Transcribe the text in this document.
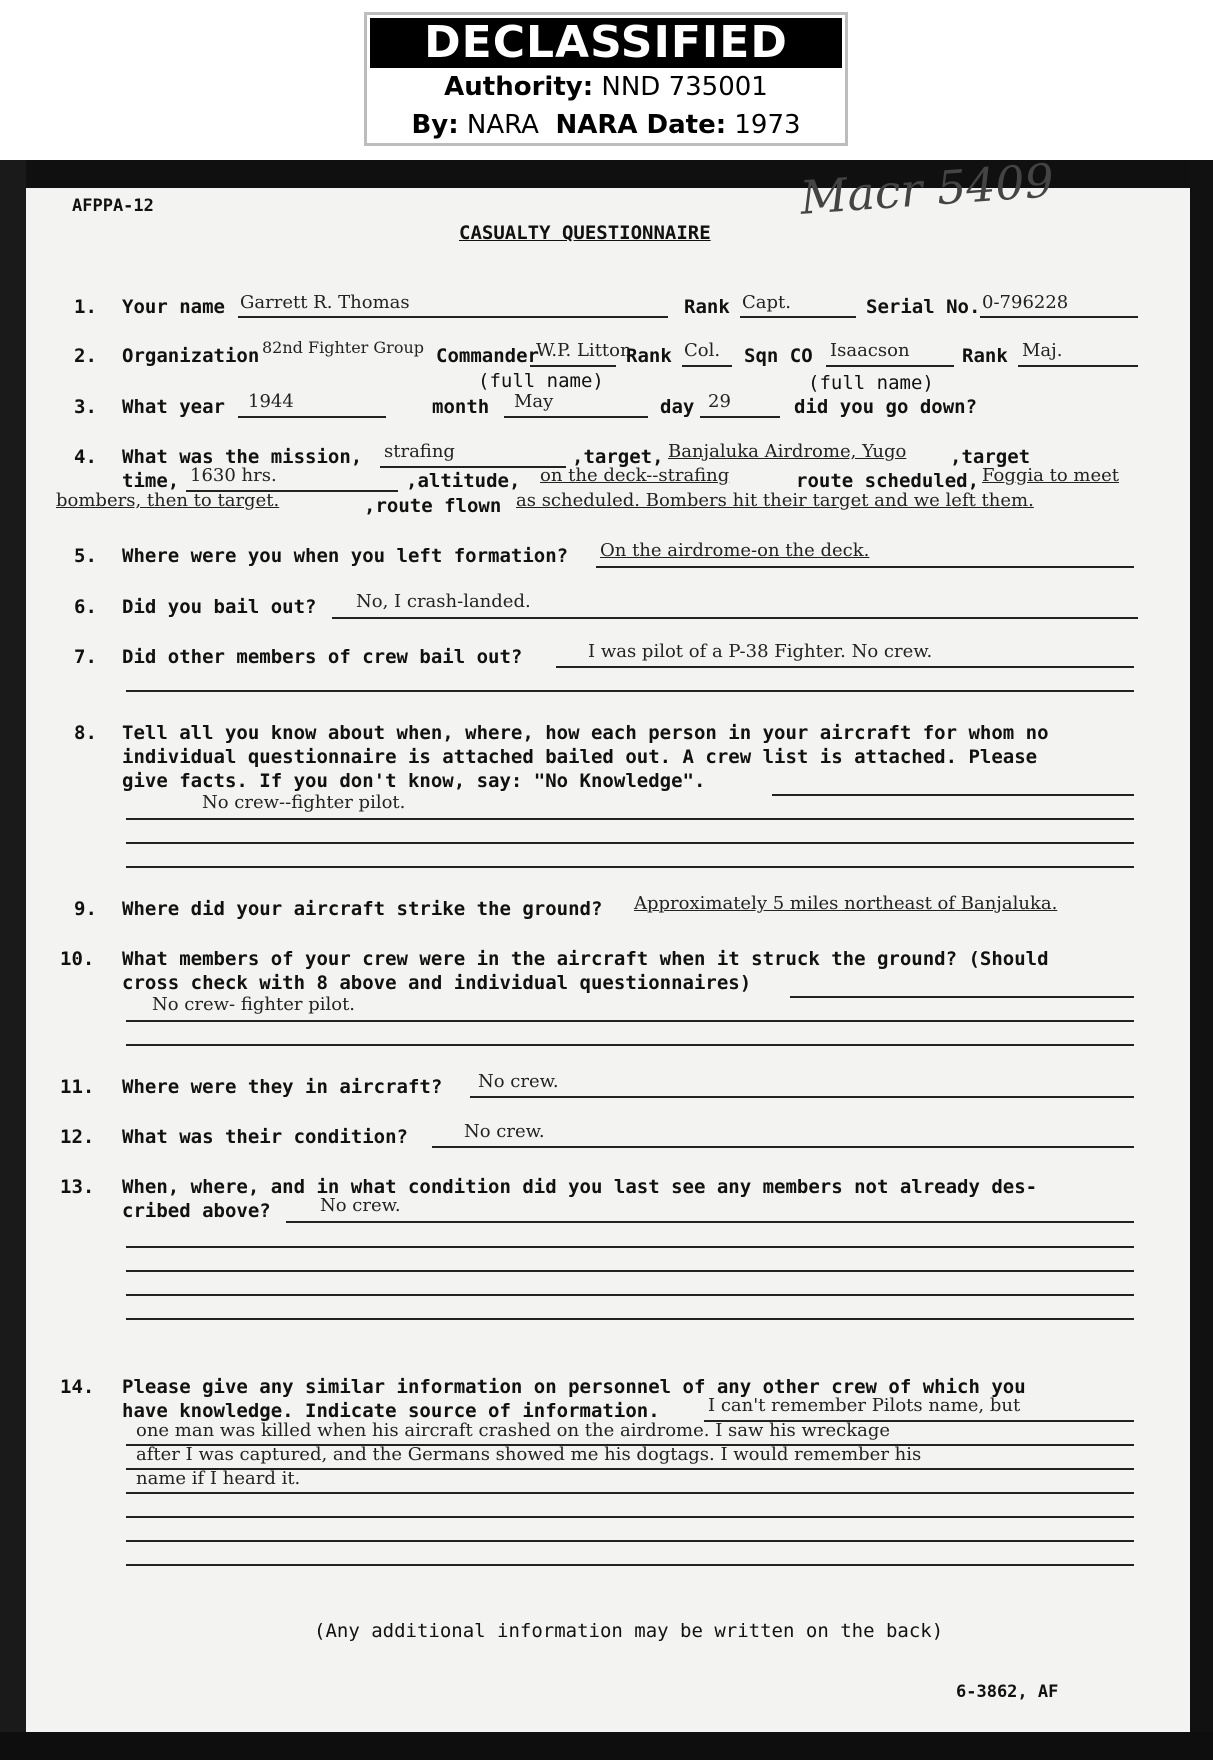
DECLASSIFIED
Authority: NND 735001
By: NARA NARA Date: 1973
Macr 5409
AFPPA-12
CASUALTY QUESTIONNAIRE
1. Your name Garrett R. Thomas	Rank Capt.	Serial No. 0-796228
2. Organization 82nd Fighter Group Commander
W.P. Litton
Rank Col. Sqn CO Isaacson	Rank Maj.
(full name)	(full name)
3. What year 1944	month May	day 29	did you go down?
4. What was the mission, strafing	,target, Banjaluka Airdrome, Yugo ,target
time, 1630 hrs.	,altitude, on the deck--strafing	route scheduled, Foggia to meet
bombers, then to target.	,route flown as scheduled. Bombers hit their target and we left them.
5. Where were you when you left formation? On the airdrome-on the deck.
6. Did you bail out? No, I crash-landed.
7. Did other members of crew bail out?	I was pilot of a P-38 Fighter. No crew.
8. Tell all you know about when, where, how each person in your aircraft for whom no
individual questionnaire is attached bailed out. A crew list is attached. Please
give facts. If you don't know, say: "No Knowledge".
No crew--fighter pilot.
9. Where did your aircraft strike the ground? Approximately 5 miles northeast of Banjaluka.
10. What members of your crew were in the aircraft when it struck the ground? (Should
cross check with 8 above and individual questionnaires)
No crew- fighter pilot.
11. Where were they in aircraft? No crew.
12. What was their condition?	No crew.
13. When, where, and in what condition did you last see any members not already des-
cribed above?	No crew.
14. Please give any similar information on personnel of any other crew of which you
have knowledge. Indicate source of information.	I can't remember Pilots name, but
one man was killed when his aircraft crashed on the airdrome. I saw his wreckage
after I was captured, and the Germans showed me his dogtags. I would remember his
name if I heard it.
(Any additional information may be written on the back)
6-3862, AF
